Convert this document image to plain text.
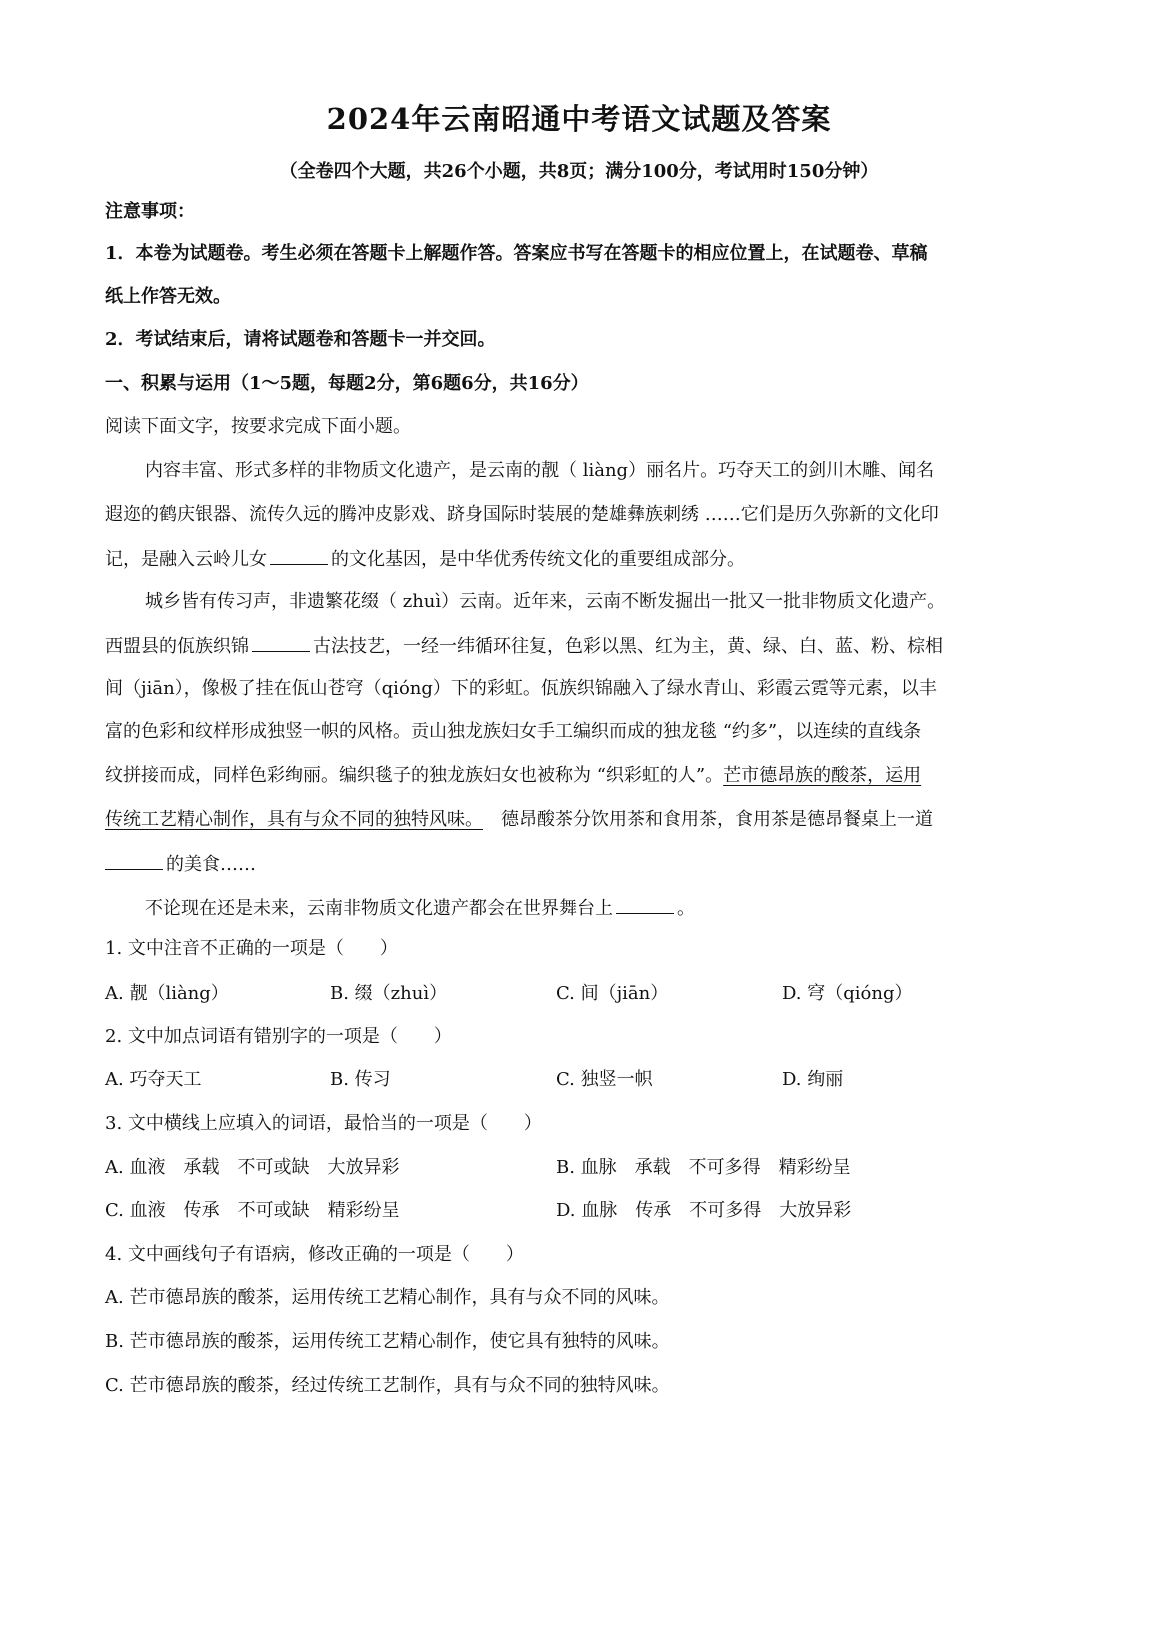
2024年云南昭通中考语文试题及答案
（全卷四个大题，共26个小题，共8页；满分100分，考试用时150分钟）
注意事项：
1．本卷为试题卷。考生必须在答题卡上解题作答。答案应书写在答题卡的相应位置上，在试题卷、草稿
纸上作答无效。
2．考试结束后，请将试题卷和答题卡一并交回。
一、积累与运用（1～5题，每题2分，第6题6分，共16分）
阅读下面文字，按要求完成下面小题。
内容丰富、形式多样的非物质文化遗产，是云南的靓（ liàng）丽名片。巧夺天工的剑川木雕、闻名
遐迩的鹤庆银器、流传久远的腾冲皮影戏、跻身国际时装展的楚雄彝族刺绣 ……它们是历久弥新的文化印
记，是融入云岭儿女	的文化基因，是中华优秀传统文化的重要组成部分。
城乡皆有传习声，非遗繁花缀（ zhuì）云南。近年来，云南不断发掘出一批又一批非物质文化遗产。
西盟县的佤族织锦	古法技艺，一经一纬循环往复，色彩以黑、红为主，黄、绿、白、蓝、粉、棕相
间（jiān），像极了挂在佤山苍穹（qióng）下的彩虹。佤族织锦融入了绿水青山、彩霞云霓等元素，以丰
富的色彩和纹样形成独竖一帜的风格。贡山独龙族妇女手工编织而成的独龙毯 “约多”，以连续的直线条
纹拼接而成，同样色彩绚丽。编织毯子的独龙族妇女也被称为 “织彩虹的人”。芒市德昂族的酸茶，运用
传统工艺精心制作，具有与众不同的独特风味。 德昂酸茶分饮用茶和食用茶，食用茶是德昂餐桌上一道
的美食……
不论现在还是未来，云南非物质文化遗产都会在世界舞台上	。
1. 文中注音不正确的一项是（　　）
A. 靓（liàng）	B. 缀（zhuì）	C. 间（jiān）	D. 穹（qióng）
2. 文中加点词语有错别字的一项是（　　）
A. 巧夺天工	B. 传习	C. 独竖一帜	D. 绚丽
3. 文中横线上应填入的词语，最恰当的一项是（　　）
A. 血液　承载　不可或缺　大放异彩	B. 血脉　承载　不可多得　精彩纷呈
C. 血液　传承　不可或缺　精彩纷呈	D. 血脉　传承　不可多得　大放异彩
4. 文中画线句子有语病，修改正确的一项是（　　）
A. 芒市德昂族的酸茶，运用传统工艺精心制作，具有与众不同的风味。
B. 芒市德昂族的酸茶，运用传统工艺精心制作，使它具有独特的风味。
C. 芒市德昂族的酸茶，经过传统工艺制作，具有与众不同的独特风味。
